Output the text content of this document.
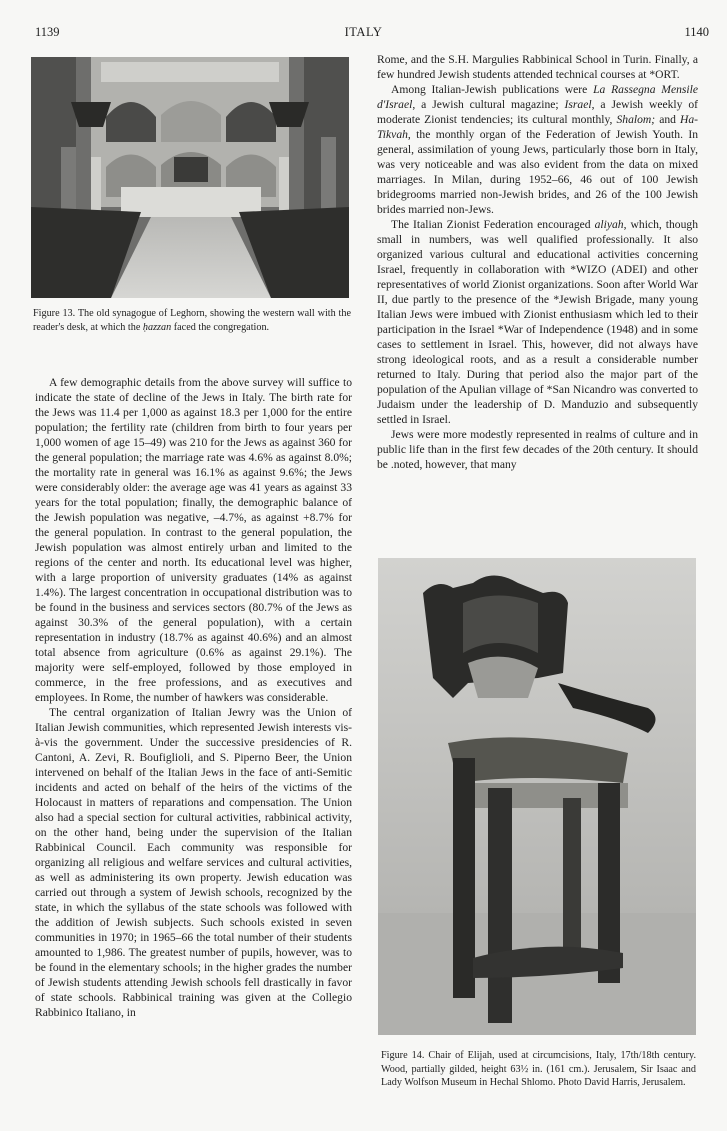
ITALY
1139	1140
Figure 13. The old synagogue of Leghorn, showing the western wall with the reader's desk, at which the ḥazzan faced the congregation.

A few demographic details from the above survey will suffice to indicate the state of decline of the Jews in Italy. The birth rate for the Jews was 11.4 per 1,000 as against 18.3 per 1,000 for the entire population; the fertility rate (children from birth to four years per 1,000 women of age 15–49) was 210 for the Jews as against 360 for the general population; the marriage rate was 4.6% as against 8.0%; the mortality rate in general was 16.1% as against 9.6%; the Jews were considerably older: the average age was 41 years as against 33 years for the total population; finally, the demographic balance of the Jewish population was negative, –4.7%, as against +8.7% for the general population. In contrast to the general population, the Jewish population was almost entirely urban and limited to the regions of the center and north. Its educational level was higher, with a large proportion of university graduates (14% as against 1.4%). The largest concentration in occupational distribution was to be found in the business and services sectors (80.7% of the Jews as against 30.3% of the general population), with a certain representation in industry (18.7% as against 40.6%) and an almost total absence from agriculture (0.6% as against 29.1%). The majority were self-employed, followed by those employed in commerce, in the free professions, and as executives and employees. In Rome, the number of hawkers was considerable.

The central organization of Italian Jewry was the Union of Italian Jewish communities, which represented Jewish interests vis-à-vis the government. Under the successive presidencies of R. Cantoni, A. Zevi, R. Boufiglioli, and S. Piperno Beer, the Union intervened on behalf of the Italian Jews in the face of anti-Semitic incidents and acted on behalf of the heirs of the victims of the Holocaust in matters of reparations and compensation. The Union also had a special section for cultural activities, rabbinical activity, on the other hand, being under the supervision of the Italian Rabbinical Council. Each community was responsible for organizing all religious and welfare services and cultural activities, as well as administering its own property. Jewish education was carried out through a system of Jewish schools, recognized by the state, in which the syllabus of the state schools was followed with the addition of Jewish subjects. Such schools existed in seven communities in 1970; in 1965–66 the total number of their students amounted to 1,986. The greatest number of pupils, however, was to be found in the elementary schools; in the higher grades the number of Jewish students attending Jewish schools fell drastically in favor of state schools. Rabbinical training was given at the Collegio Rabbinico Italiano, in

Rome, and the S.H. Margulies Rabbinical School in Turin. Finally, a few hundred Jewish students attended technical courses at *ORT.

Among Italian-Jewish publications were La Rassegna Mensile d'Israel, a Jewish cultural magazine; Israel, a Jewish weekly of moderate Zionist tendencies; its cultural monthly, Shalom; and Ha-Tikvah, the monthly organ of the Federation of Jewish Youth. In general, assimilation of young Jews, particularly those born in Italy, was very noticeable and was also evident from the data on mixed marriages. In Milan, during 1952–66, 46 out of 100 Jewish bridegrooms married non-Jewish brides, and 26 of the 100 Jewish brides married non-Jews.

The Italian Zionist Federation encouraged aliyah, which, though small in numbers, was well qualified professionally. It also organized various cultural and educational activities concerning Israel, frequently in collaboration with *WIZO (ADEI) and other representatives of world Zionist organizations. Soon after World War II, due partly to the presence of the *Jewish Brigade, many young Italian Jews were imbued with Zionist enthusiasm which led to their participation in the Israel *War of Independence (1948) and in some cases to settlement in Israel. This, however, did not always have strong ideological roots, and as a result a considerable number returned to Italy. During that period also the major part of the population of the Apulian village of *San Nicandro was converted to Judaism under the leadership of D. Manduzio and subsequently settled in Israel.

Jews were more modestly represented in realms of culture and in public life than in the first few decades of the 20th century. It should be .noted, however, that many

Figure 14. Chair of Elijah, used at circumcisions, Italy, 17th/18th century. Wood, partially gilded, height 63½ in. (161 cm.). Jerusalem, Sir Isaac and Lady Wolfson Museum in Hechal Shlomo. Photo David Harris, Jerusalem.
